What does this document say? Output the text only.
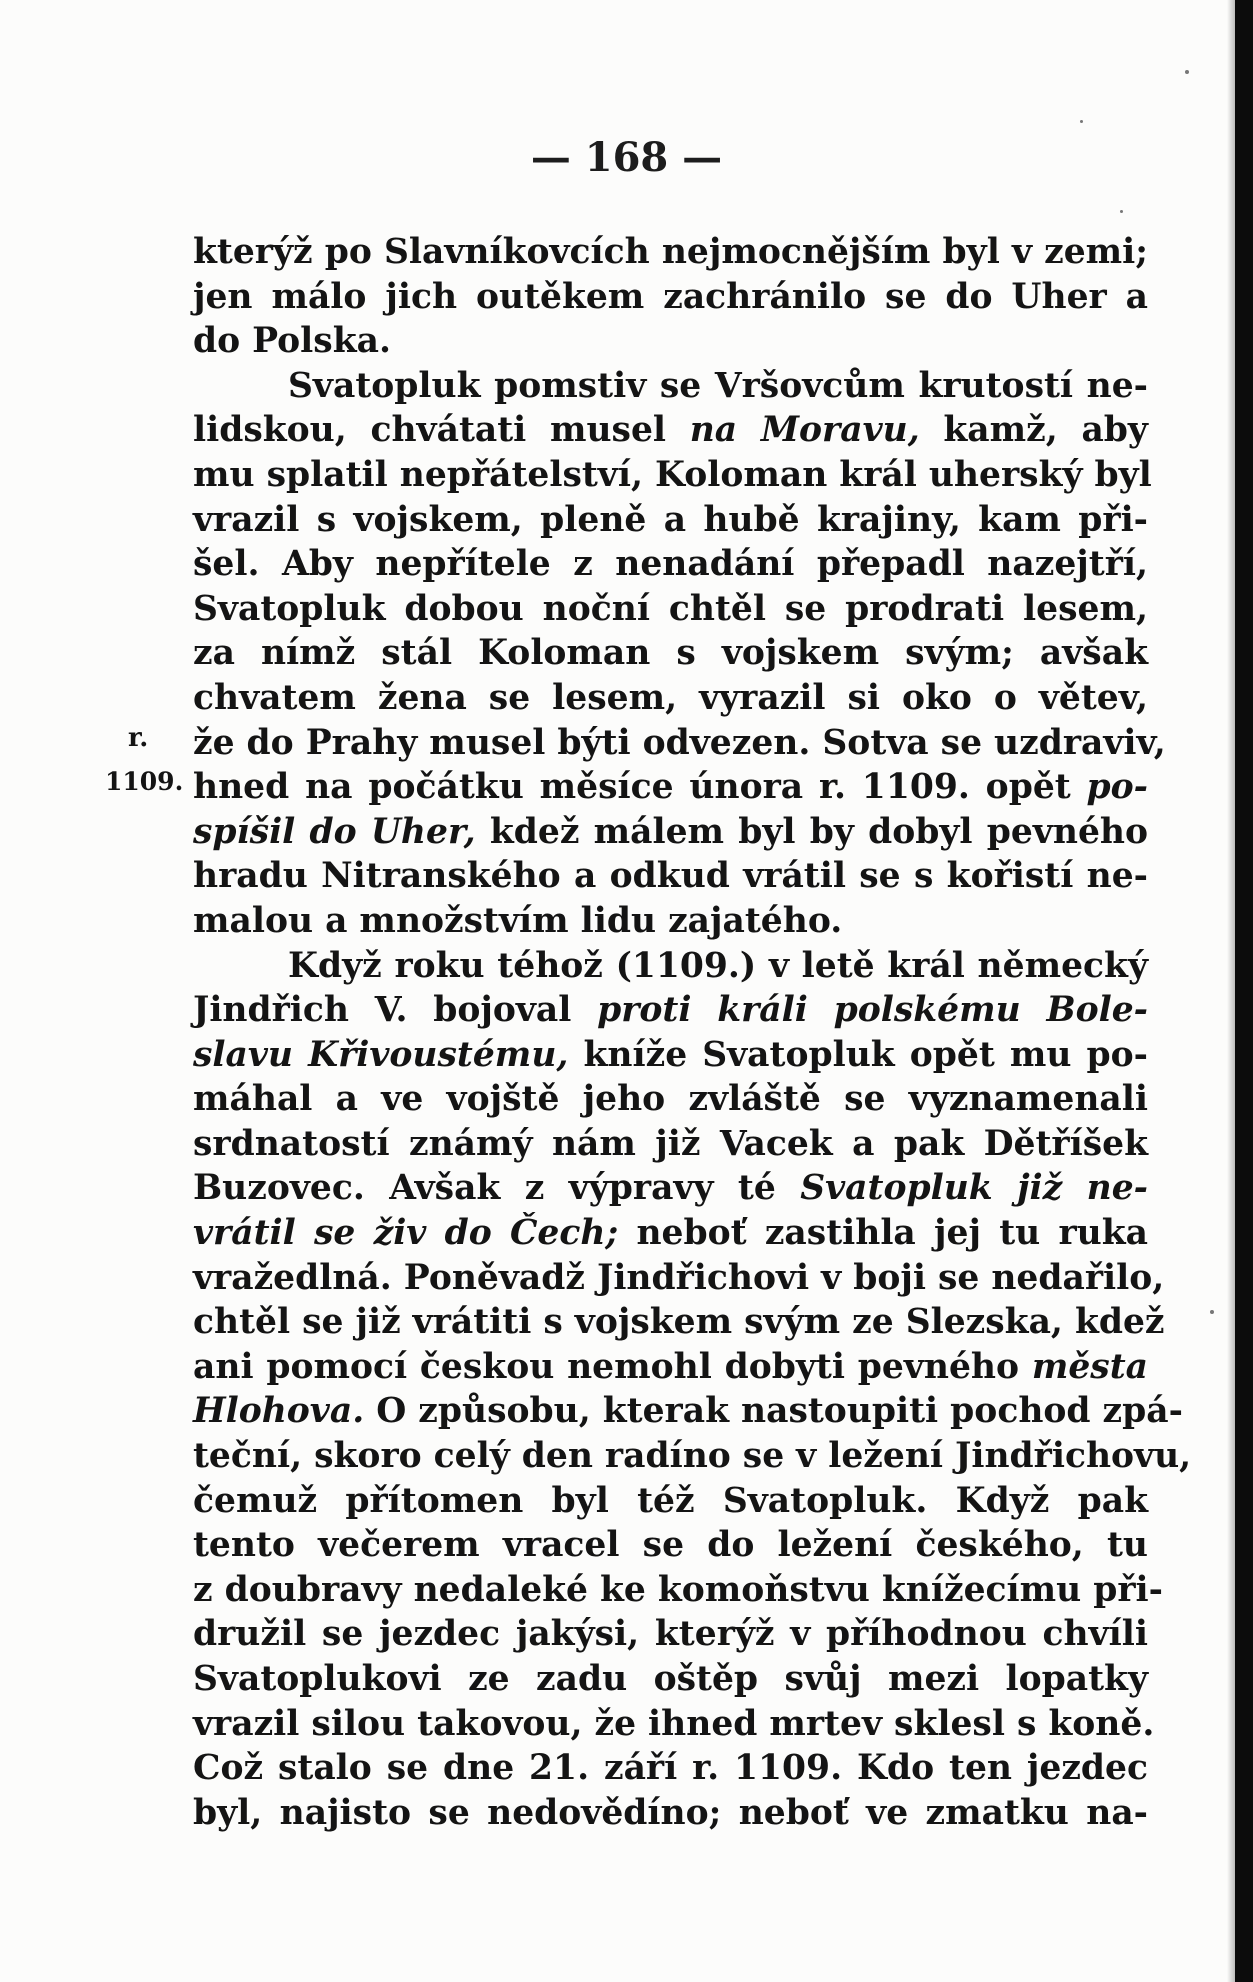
— 168 —
r.
1109.
kterýž po Slavníkovcích nejmocnějším byl v zemi;
jen málo jich outěkem zachránilo se do Uher a
do Polska.
Svatopluk pomstiv se Vršovcům krutostí ne-
lidskou, chvátati musel na Moravu, kamž, aby
mu splatil nepřátelství, Koloman král uherský byl
vrazil s vojskem, pleně a hubě krajiny, kam při-
šel. Aby nepřítele z nenadání přepadl nazejtří,
Svatopluk dobou noční chtěl se prodrati lesem,
za nímž stál Koloman s vojskem svým; avšak
chvatem žena se lesem, vyrazil si oko o větev,
že do Prahy musel býti odvezen. Sotva se uzdraviv,
hned na počátku měsíce února r. 1109. opět po-
spíšil do Uher, kdež málem byl by dobyl pevného
hradu Nitranského a odkud vrátil se s kořistí ne-
malou a množstvím lidu zajatého.
Když roku téhož (1109.) v letě král německý
Jindřich V. bojoval proti králi polskému Bole-
slavu Křivoustému, kníže Svatopluk opět mu po-
máhal a ve vojště jeho zvláště se vyznamenali
srdnatostí známý nám již Vacek a pak Dětříšek
Buzovec. Avšak z výpravy té Svatopluk již ne-
vrátil se živ do Čech; neboť zastihla jej tu ruka
vražedlná. Poněvadž Jindřichovi v boji se nedařilo,
chtěl se již vrátiti s vojskem svým ze Slezska, kdež
ani pomocí českou nemohl dobyti pevného města
Hlohova. O způsobu, kterak nastoupiti pochod zpá-
teční, skoro celý den radíno se v ležení Jindřichovu,
čemuž přítomen byl též Svatopluk. Když pak
tento večerem vracel se do ležení českého, tu
z doubravy nedaleké ke komoňstvu knížecímu při-
družil se jezdec jakýsi, kterýž v příhodnou chvíli
Svatoplukovi ze zadu oštěp svůj mezi lopatky
vrazil silou takovou, že ihned mrtev sklesl s koně.
Což stalo se dne 21. září r. 1109. Kdo ten jezdec
byl, najisto se nedovědíno; neboť ve zmatku na-
